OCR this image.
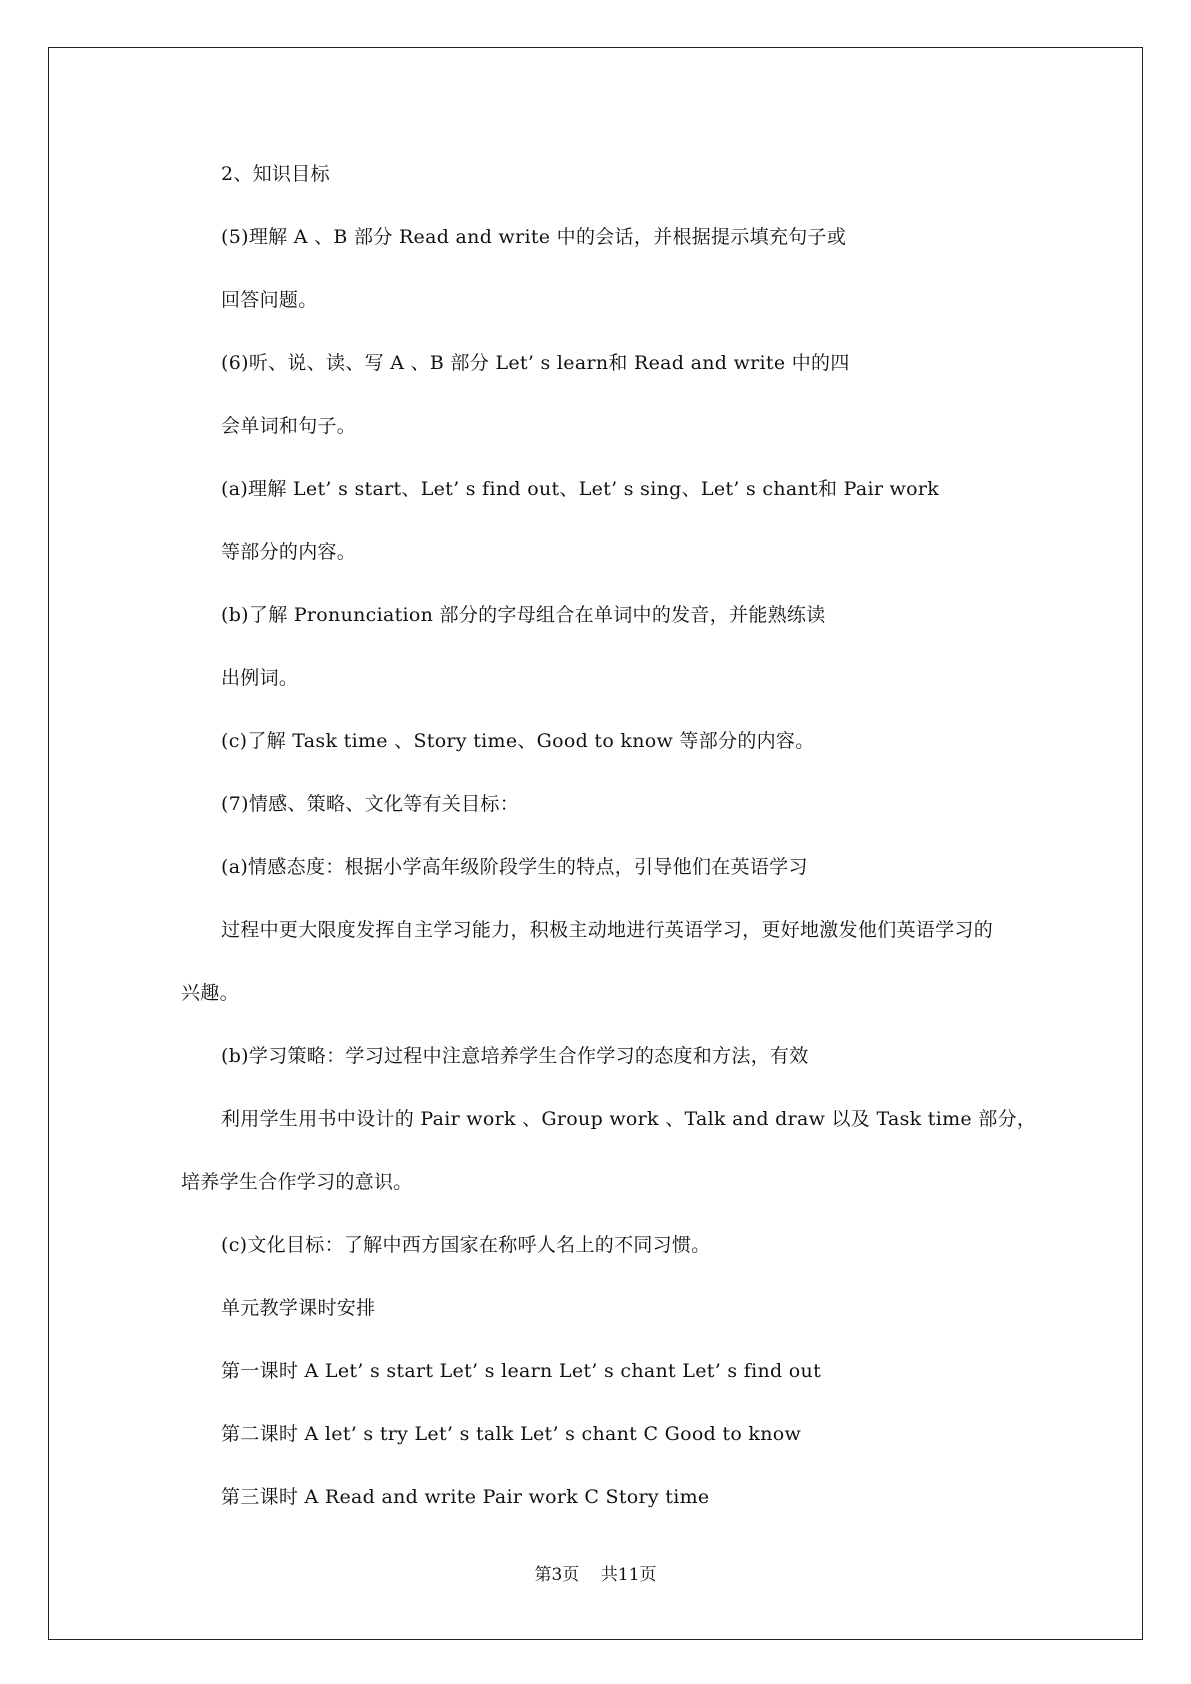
2、知识目标
(5)理解 A 、B 部分 Read and write 中的会话，并根据提示填充句子或
回答问题。
(6)听、说、读、写 A 、B 部分 Let’ s learn和 Read and write 中的四
会单词和句子。
(a)理解 Let’ s start、Let’ s find out、Let’ s sing、Let’ s chant和 Pair work
等部分的内容。
(b)了解 Pronunciation 部分的字母组合在单词中的发音，并能熟练读
出例词。
(c)了解 Task time 、Story time、Good to know 等部分的内容。
(7)情感、策略、文化等有关目标：
(a)情感态度：根据小学高年级阶段学生的特点，引导他们在英语学习
过程中更大限度发挥自主学习能力，积极主动地进行英语学习，更好地激发他们英语学习的
兴趣。
(b)学习策略：学习过程中注意培养学生合作学习的态度和方法，有效
利用学生用书中设计的 Pair work 、Group work 、Talk and draw 以及 Task time 部分，
培养学生合作学习的意识。
(c)文化目标：了解中西方国家在称呼人名上的不同习惯。
单元教学课时安排
第一课时 A Let’ s start Let’ s learn Let’ s chant Let’ s find out
第二课时 A let’ s try Let’ s talk Let’ s chant C Good to know
第三课时 A Read and write Pair work C Story time
第3页    共11页
